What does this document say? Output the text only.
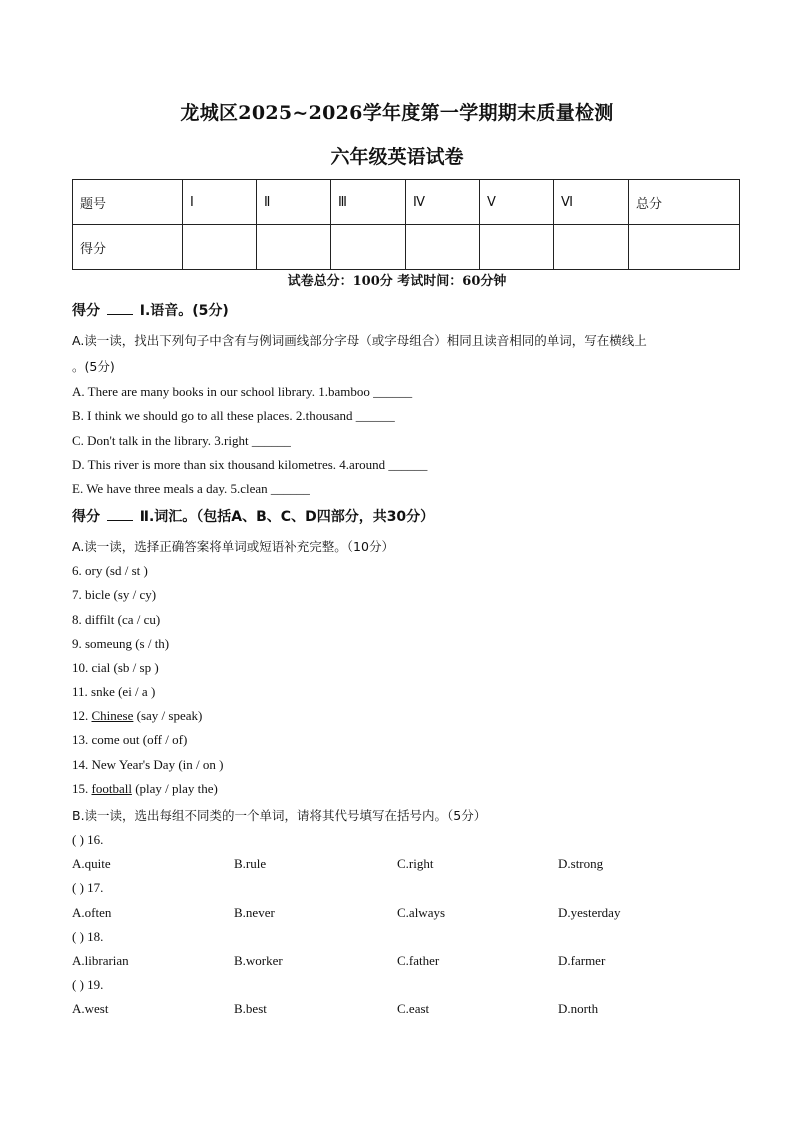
龙城区2025~2026学年度第一学期期末质量检测
六年级英语试卷
题号	Ⅰ	Ⅱ	Ⅲ	Ⅳ	Ⅴ	Ⅵ	总分
得分							
试卷总分：100分 考试时间：60分钟
得分	Ⅰ.语音。(5分)
A.读一读，找出下列句子中含有与例词画线部分字母（或字母组合）相同且读音相同的单词，写在横线上
。(5分)
A. There are many books in our school library. 1.bamboo ______
B. I think we should go to all these places. 2.thousand ______
C. Don't talk in the library. 3.right ______
D. This river is more than six thousand kilometres. 4.around ______
E. We have three meals a day. 5.clean ______
得分	Ⅱ.词汇。（包括A、B、C、D四部分，共30分）
A.读一读，选择正确答案将单词或短语补充完整。（10分）
6. ory (sd / st )
7. bicle (sy / cy)
8. diffilt (ca / cu)
9. someung (s / th)
10. cial (sb / sp )
11. snke (ei / a )
12. Chinese (say / speak)
13. come out (off / of)
14. New Year's Day (in / on )
15. football (play / play the)
B.读一读，选出每组不同类的一个单词，请将其代号填写在括号内。（5分）
( ) 16.
A.quite	B.rule	C.right	D.strong
( ) 17.
A.often	B.never	C.always	D.yesterday
( ) 18.
A.librarian	B.worker	C.father	D.farmer
( ) 19.
A.west	B.best	C.east	D.north
